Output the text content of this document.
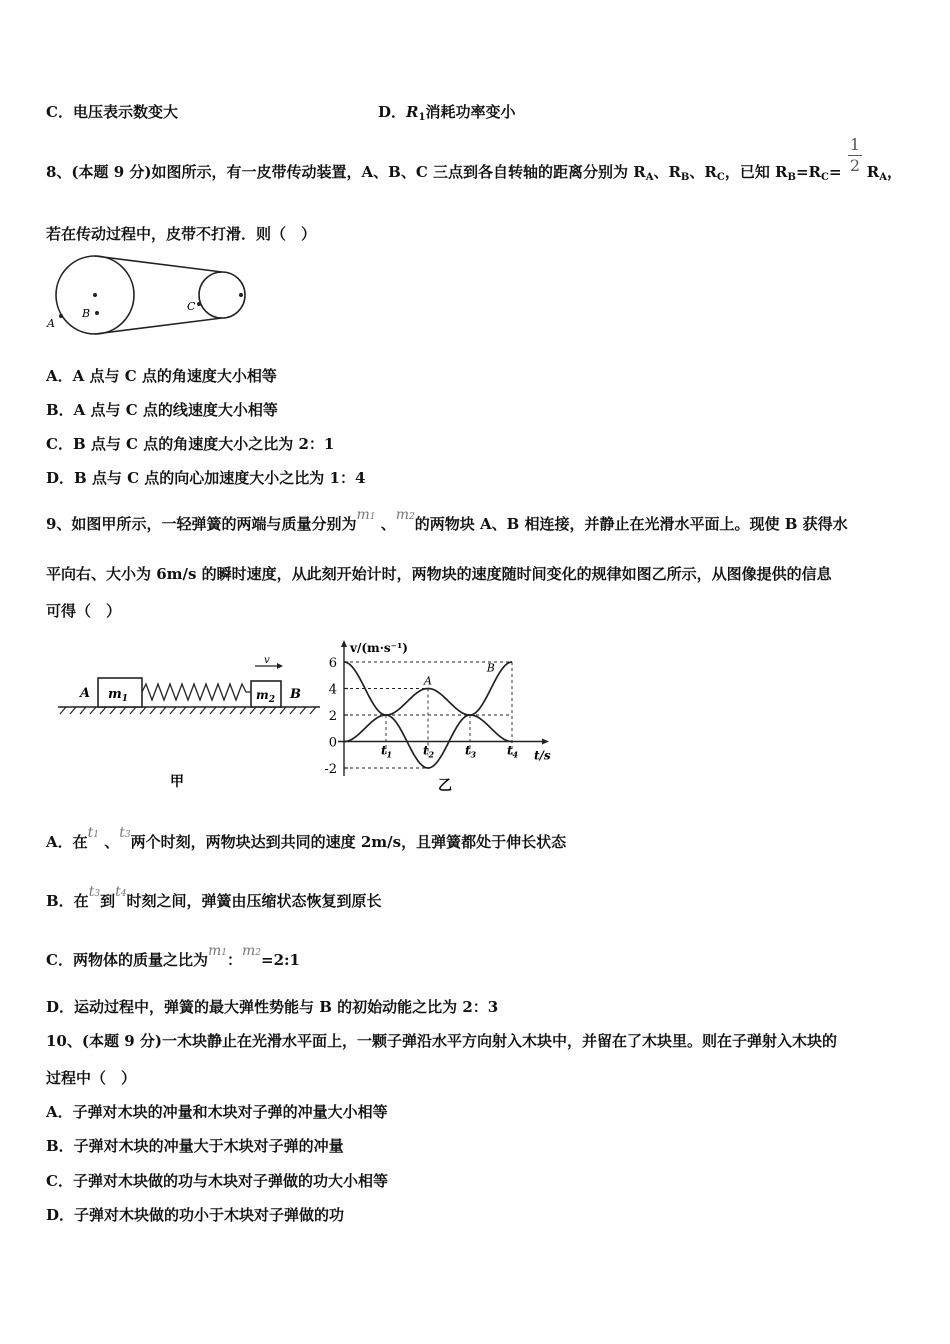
C．电压表示数变大	D．$R_1$消耗功率变小
8、(本题 9 分)如图所示，有一皮带传动装置，A、B、C 三点到各自转轴的距离分别为 $R_A$、$R_B$、$R_C$，已知 $R_B=R_C= R_A$，
1
2
若在传动过程中，皮带不打滑．则（　）
A
B
C
A．A 点与 C 点的角速度大小相等
B．A 点与 C 点的线速度大小相等
C．B 点与 C 点的角速度大小之比为 2：1
D．B 点与 C 点的向心加速度大小之比为 1：4
9、如图甲所示，一轻弹簧的两端与质量分别为m1 、m2的两物块 A、B 相连接，并静止在光滑水平面上。现使 B 获得水
平向右、大小为 6m/s 的瞬时速度，从此刻开始计时，两物块的速度随时间变化的规律如图乙所示，从图像提供的信息
可得（　）
A $m_1$	$m_2$ B
v
甲
6
4
2
0
-2
$t_1$	$t_2$	$t_3$	$t_4$
A
B
v/(m·s⁻¹)
t/s
乙
A．在t1 、t3两个时刻，两物块达到共同的速度 2m/s，且弹簧都处于伸长状态
B．在t3到t4时刻之间，弹簧由压缩状态恢复到原长
C．两物体的质量之比为m1：m2=2:1
D．运动过程中，弹簧的最大弹性势能与 B 的初始动能之比为 2：3
10、(本题 9 分)一木块静止在光滑水平面上，一颗子弹沿水平方向射入木块中，并留在了木块里。则在子弹射入木块的
过程中（　）
A．子弹对木块的冲量和木块对子弹的冲量大小相等
B．子弹对木块的冲量大于木块对子弹的冲量
C．子弹对木块做的功与木块对子弹做的功大小相等
D．子弹对木块做的功小于木块对子弹做的功
